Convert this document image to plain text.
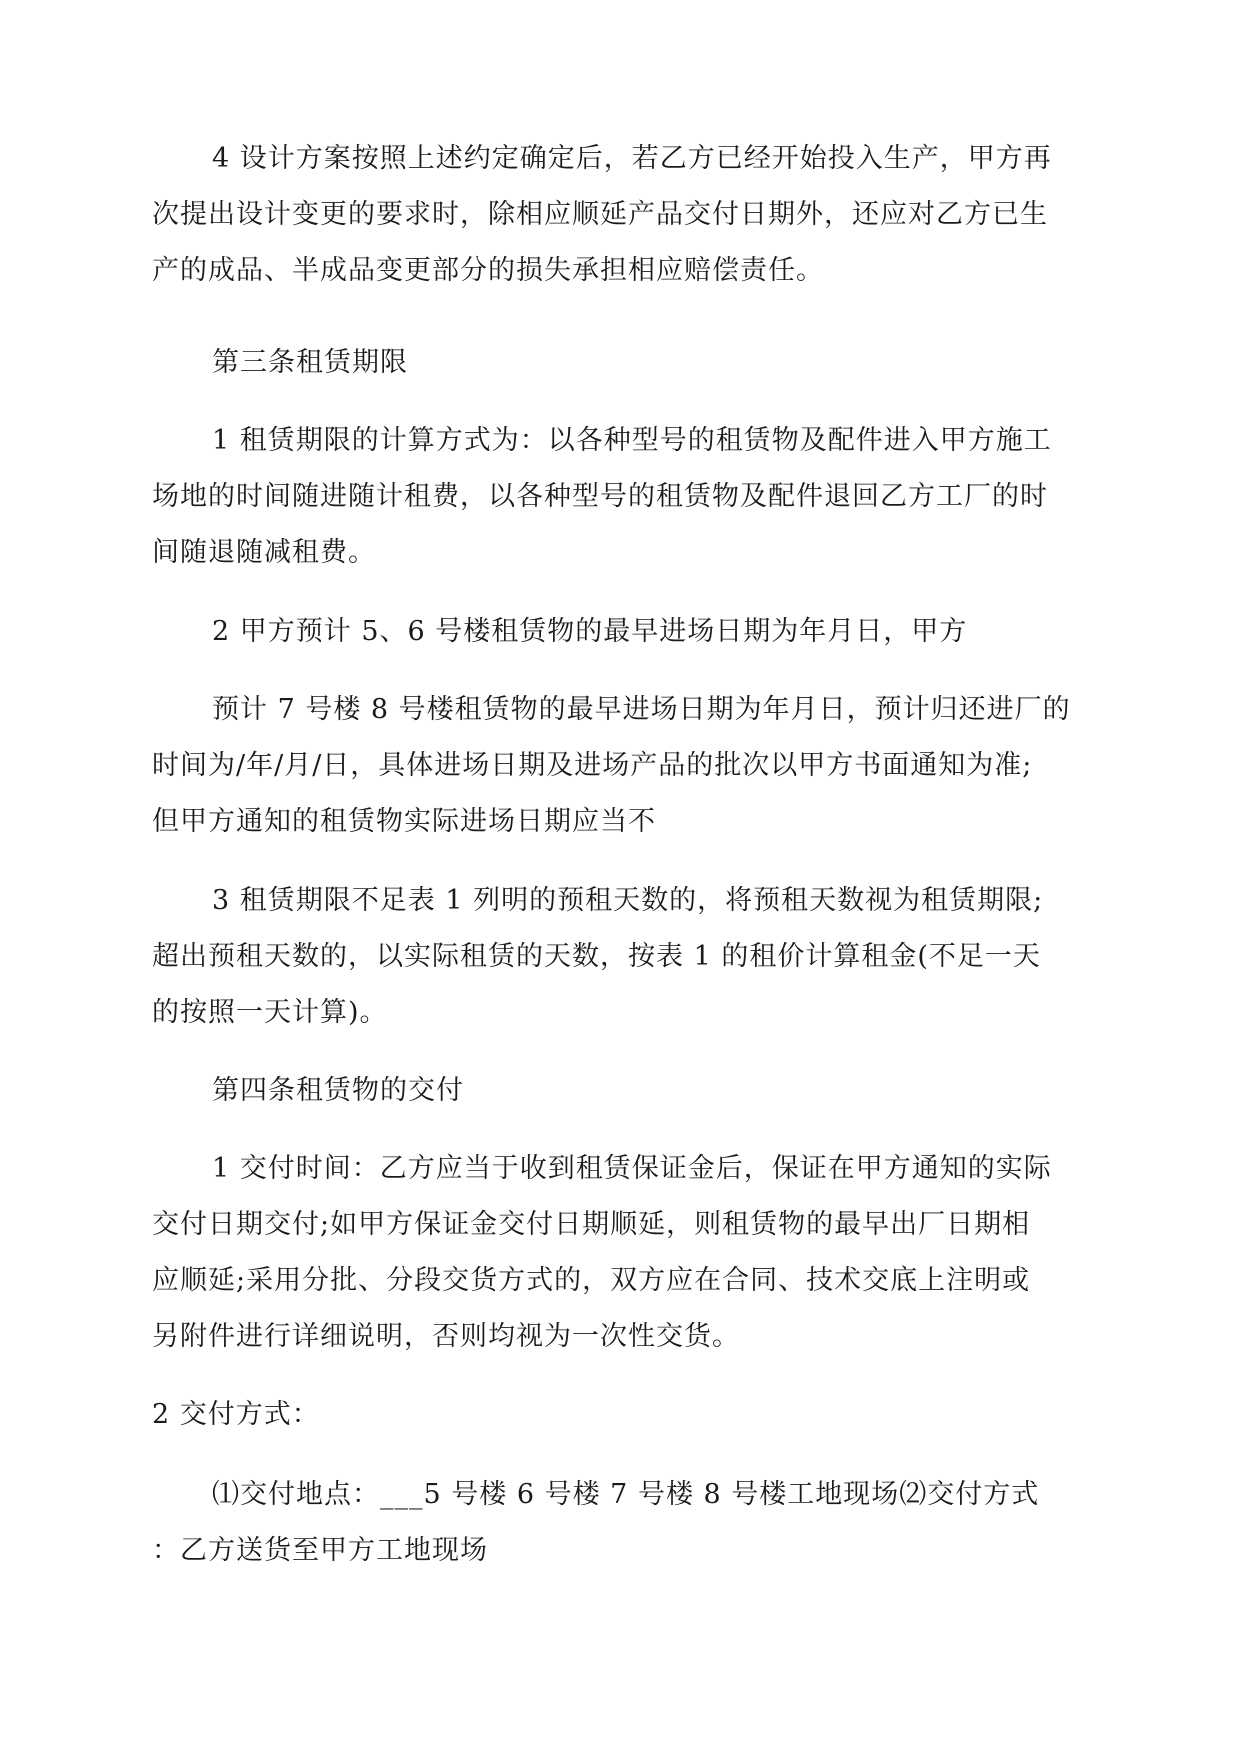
4 设计方案按照上述约定确定后，若乙方已经开始投入生产，甲方再
次提出设计变更的要求时，除相应顺延产品交付日期外，还应对乙方已生
产的成品、半成品变更部分的损失承担相应赔偿责任。

第三条租赁期限

1 租赁期限的计算方式为：以各种型号的租赁物及配件进入甲方施工
场地的时间随进随计租费，以各种型号的租赁物及配件退回乙方工厂的时
间随退随减租费。

2 甲方预计 5、6 号楼租赁物的最早进场日期为年月日，甲方

预计 7 号楼 8 号楼租赁物的最早进场日期为年月日，预计归还进厂的
时间为/年/月/日，具体进场日期及进场产品的批次以甲方书面通知为准;
但甲方通知的租赁物实际进场日期应当不

3 租赁期限不足表 1 列明的预租天数的，将预租天数视为租赁期限;
超出预租天数的，以实际租赁的天数，按表 1 的租价计算租金(不足一天
的按照一天计算)。

第四条租赁物的交付

1 交付时间：乙方应当于收到租赁保证金后，保证在甲方通知的实际
交付日期交付;如甲方保证金交付日期顺延，则租赁物的最早出厂日期相
应顺延;采用分批、分段交货方式的，双方应在合同、技术交底上注明或
另附件进行详细说明，否则均视为一次性交货。

2 交付方式：

⑴交付地点：___5 号楼 6 号楼 7 号楼 8 号楼工地现场⑵交付方式
：乙方送货至甲方工地现场
